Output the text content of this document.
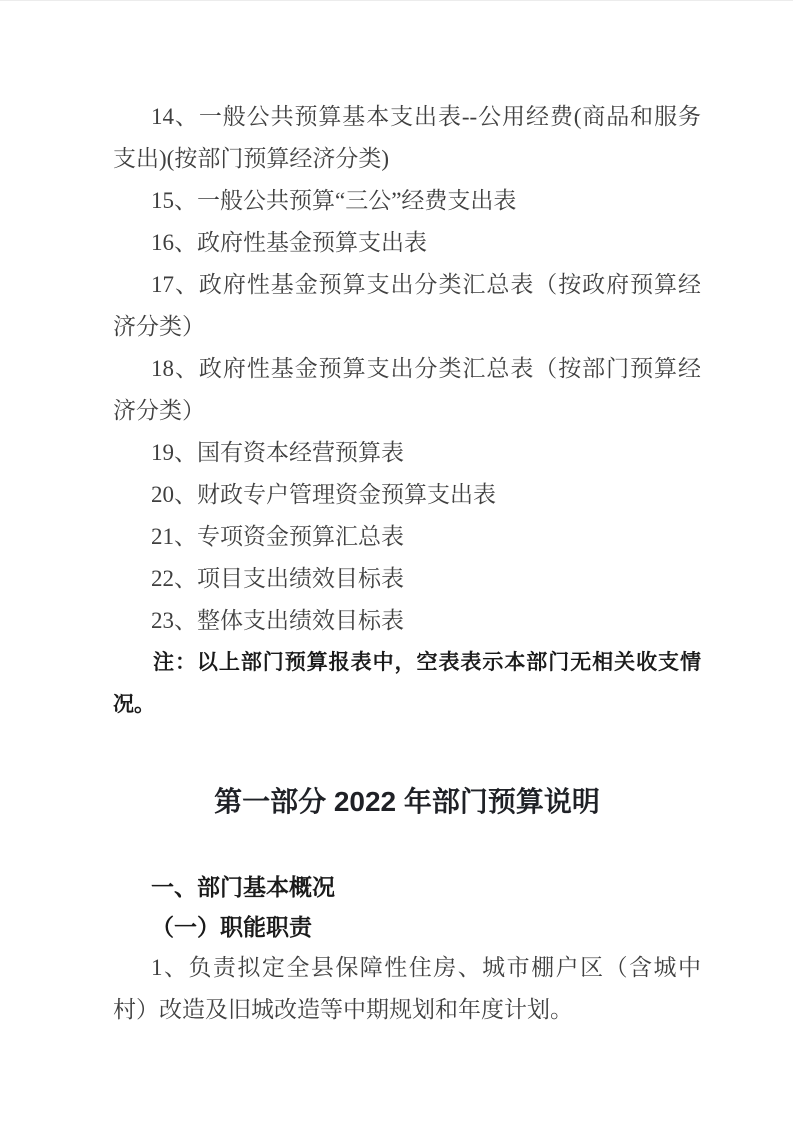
14、一般公共预算基本支出表--公用经费(商品和服务支出)(按部门预算经济分类)

15、一般公共预算“三公”经费支出表

16、政府性基金预算支出表

17、政府性基金预算支出分类汇总表（按政府预算经济分类）

18、政府性基金预算支出分类汇总表（按部门预算经济分类）

19、国有资本经营预算表

20、财政专户管理资金预算支出表

21、专项资金预算汇总表

22、项目支出绩效目标表

23、整体支出绩效目标表

注：以上部门预算报表中，空表表示本部门无相关收支情况。

第一部分 2022 年部门预算说明
一、部门基本概况
（一）职能职责

1、负责拟定全县保障性住房、城市棚户区（含城中村）改造及旧城改造等中期规划和年度计划。
